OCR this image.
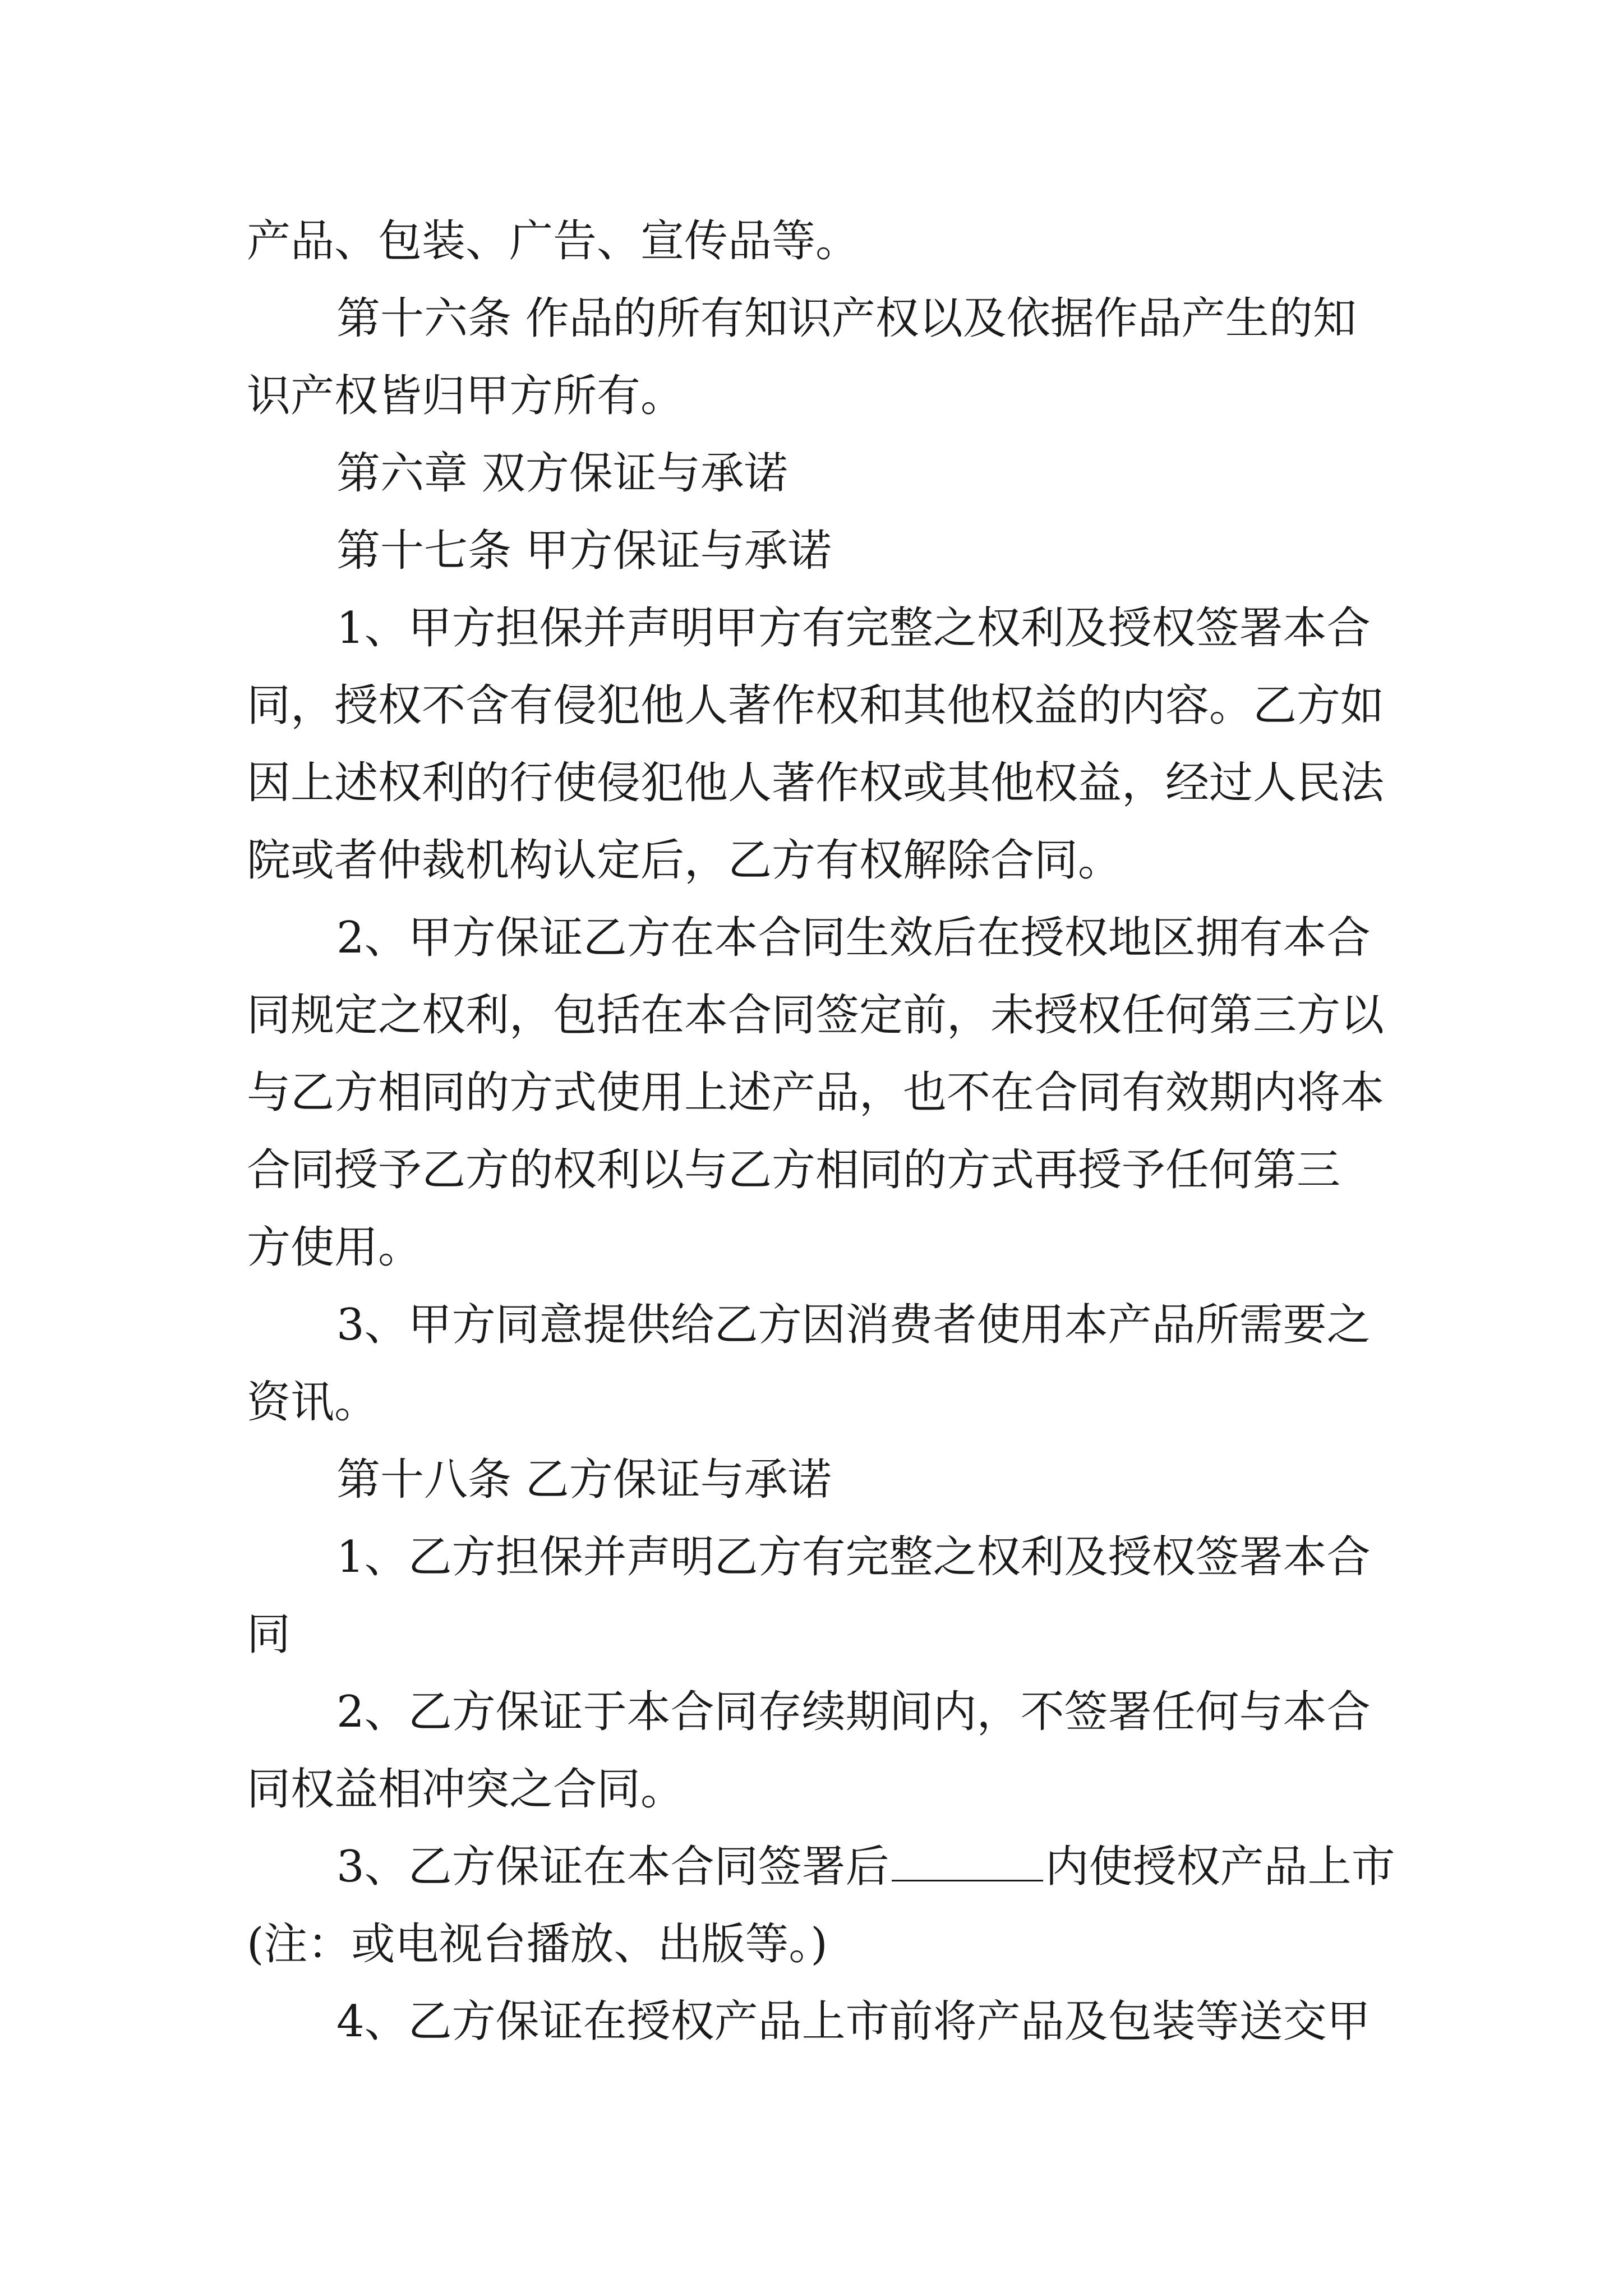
产品、包装、广告、宣传品等。

第十六条 作品的所有知识产权以及依据作品产生的知

识产权皆归甲方所有。

第六章 双方保证与承诺

第十七条 甲方保证与承诺

1、甲方担保并声明甲方有完整之权利及授权签署本合

同，授权不含有侵犯他人著作权和其他权益的内容。乙方如

因上述权利的行使侵犯他人著作权或其他权益，经过人民法

院或者仲裁机构认定后，乙方有权解除合同。

2、甲方保证乙方在本合同生效后在授权地区拥有本合

同规定之权利，包括在本合同签定前，未授权任何第三方以

与乙方相同的方式使用上述产品，也不在合同有效期内将本

合同授予乙方的权利以与乙方相同的方式再授予任何第三

方使用。

3、甲方同意提供给乙方因消费者使用本产品所需要之

资讯。

第十八条 乙方保证与承诺

1、乙方担保并声明乙方有完整之权利及授权签署本合

同

2、乙方保证于本合同存续期间内，不签署任何与本合

同权益相冲突之合同。

3、乙方保证在本合同签署后	内使授权产品上市

(注：或电视台播放、出版等。)

4、乙方保证在授权产品上市前将产品及包装等送交甲
